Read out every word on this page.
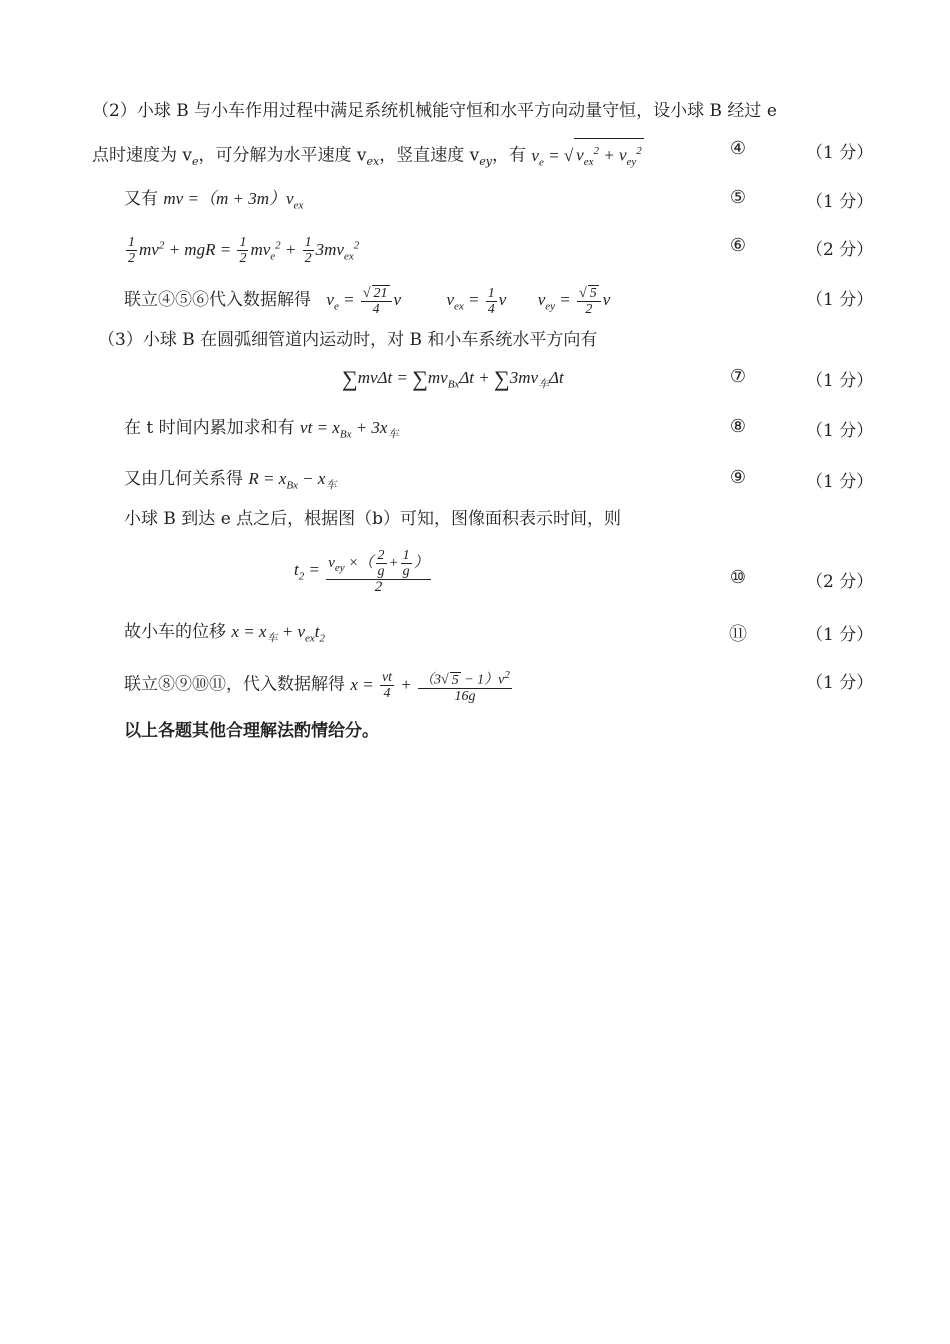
（2）小球 B 与小车作用过程中满足系统机械能守恒和水平方向动量守恒，设小球 B 经过 e
点时速度为 $v_e$，可分解为水平速度 $v_{ex}$，竖直速度 $v_{ey}$，有 $v_e$ = √ $v_{ex}^2 + v_{ey}^2$	④	（1 分）
又有 mv $=(m + 3m)v_{ex}$	⑤	（1 分）
$\frac{1}{2} mv^2$ + mgR = $\frac{1}{2} mv_e^2 + \frac{1}{2} 3mv_{ex}^2$	⑥	（2 分）
联立④⑤⑥代入数据解得 $v_e = \frac{√ 21}{4}$ v	$v_{ex} = \frac{1}{4}$ v $v_{ey} = \frac{√ 5}{2}$ v	（1 分）
（3）小球 B 在圆弧细管道内运动时，对 B 和小车系统水平方向有
$\sum mv\Delta t = \sum mv_{Bx}\Delta t + \sum 3mv_车\Delta t$	⑦	（1 分）
在 t 时间内累加求和有 vt = $x_{Bx} + 3x_车$	⑧	（1 分）
又由几何关系得 $R = x_{Bx} - x_车$	⑨	（1 分）
小球 B 到达 e 点之后，根据图（b）可知，图像面积表示时间，则
$t_2 = \frac{v_{ey} \times( \frac{2}{g} + \frac{1}{g} )}{2}$	⑩	（2 分）
故小车的位移 $x = x_车 + v_{ex}t_2$	⑪	（1 分）
联立⑧⑨⑩⑪，代入数据解得 $x = \frac{vt}{4} + \frac{(3√ 5 - 1)v^2}{16g}$	（1 分）
以上各题其他合理解法酌情给分。
